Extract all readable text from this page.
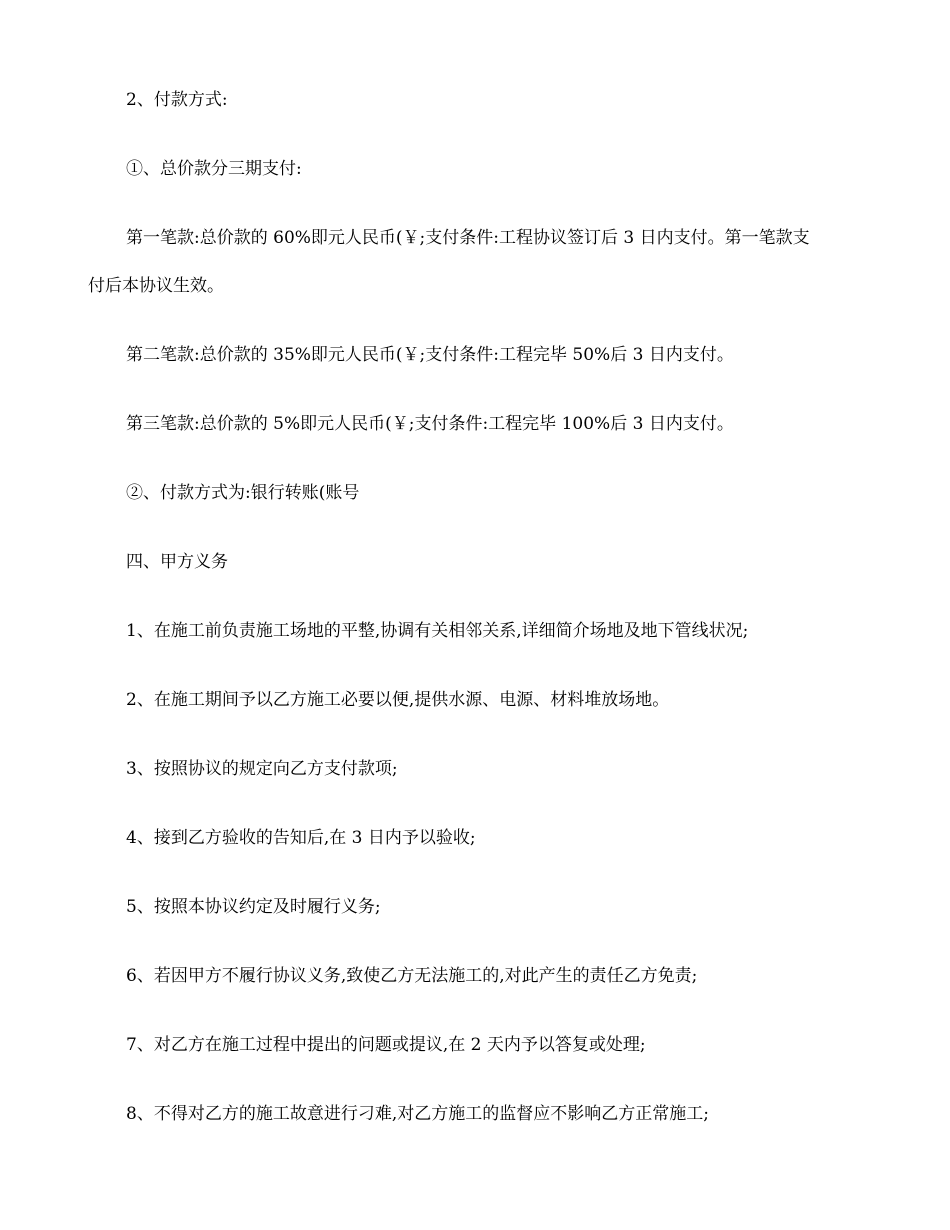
2、付款方式:

①、总价款分三期支付:

第一笔款:总价款的 60%即元人民币(￥;支付条件:工程协议签订后 3 日内支付。第一笔款支

付后本协议生效。

第二笔款:总价款的 35%即元人民币(￥;支付条件:工程完毕 50%后 3 日内支付。

第三笔款:总价款的 5%即元人民币(￥;支付条件:工程完毕 100%后 3 日内支付。

②、付款方式为:银行转账(账号

四、甲方义务

1、在施工前负责施工场地的平整,协调有关相邻关系,详细简介场地及地下管线状况;

2、在施工期间予以乙方施工必要以便,提供水源、电源、材料堆放场地。

3、按照协议的规定向乙方支付款项;

4、接到乙方验收的告知后,在 3 日内予以验收;

5、按照本协议约定及时履行义务;

6、若因甲方不履行协议义务,致使乙方无法施工的,对此产生的责任乙方免责;

7、对乙方在施工过程中提出的问题或提议,在 2 天内予以答复或处理;

8、不得对乙方的施工故意进行刁难,对乙方施工的监督应不影响乙方正常施工;
